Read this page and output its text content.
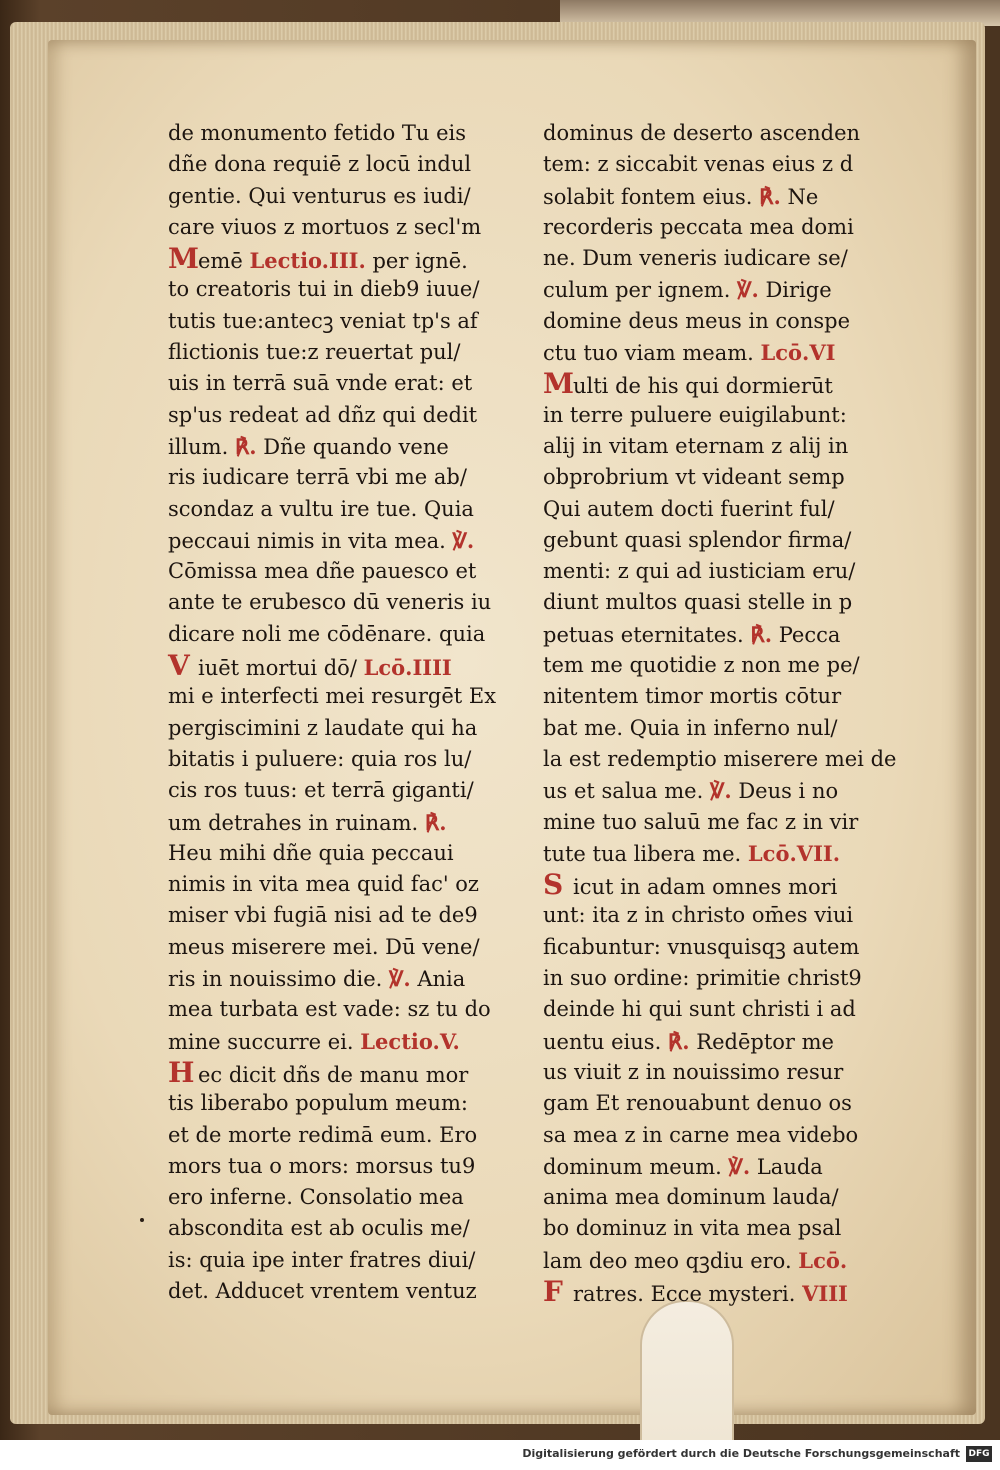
de monumento fetido Tu eis
dñe dona requiē z locū indul
gentie. Qui venturus es iudi/
care viuos z mortuos z secl'm
Memē Lectio.III. per ignē.
to creatoris tui in dieb9 iuue/
tutis tue:antecꝫ veniat tp's af
flictionis tue:z reuertat pul/
uis in terrā suā vnde erat: et
sp'us redeat ad dñz qui dedit
illum. ℟. Dñe quando vene
ris iudicare terrā vbi me ab/
scondaz a vultu ire tue. Quia
peccaui nimis in vita mea. ℣.
Cōmissa mea dñe pauesco et
ante te erubesco dū veneris iu
dicare noli me cōdēnare. quia
V iuēt mortui dō/ Lcō.IIII
mi e interfecti mei resurgēt Ex
pergiscimini z laudate qui ha
bitatis i puluere: quia ros lu/
cis ros tuus: et terrā giganti/
um detrahes in ruinam. ℟.
Heu mihi dñe quia peccaui
nimis in vita mea quid fac' oz
miser vbi fugiā nisi ad te de9
meus miserere mei. Dū vene/
ris in nouissimo die. ℣. Ania
mea turbata est vade: sz tu do
mine succurre ei. Lectio.V.
H ec dicit dñs de manu mor
tis liberabo populum meum:
et de morte redimā eum. Ero
mors tua o mors: morsus tu9
ero inferne. Consolatio mea
abscondita est ab oculis me/
is: quia ipe inter fratres diui/
det. Adducet vrentem ventuz
dominus de deserto ascenden
tem: z siccabit venas eius z d
solabit fontem eius. ℟. Ne
recorderis peccata mea domi
ne. Dum veneris iudicare se/
culum per ignem. ℣. Dirige
domine deus meus in conspe
ctu tuo viam meam. Lcō.VI
Multi de his qui dormierūt
in terre puluere euigilabunt:
alij in vitam eternam z alij in
obprobrium vt videant semp
Qui autem docti fuerint ful/
gebunt quasi splendor firma/
menti: z qui ad iusticiam eru/
diunt multos quasi stelle in p
petuas eternitates. ℟. Pecca
tem me quotidie z non me pe/
nitentem timor mortis cōtur
bat me. Quia in inferno nul/
la est redemptio miserere mei de
us et salua me. ℣. Deus i no
mine tuo saluū me fac z in vir
tute tua libera me. Lcō.VII.
S icut in adam omnes mori
unt: ita z in christo om̄es viui
ficabuntur: vnusquisqꝫ autem
in suo ordine: primitie christ9
deinde hi qui sunt christi i ad
uentu eius. ℟. Redēptor me
us viuit z in nouissimo resur
gam Et renouabunt denuo os
sa mea z in carne mea videbo
dominum meum. ℣. Lauda
anima mea dominum lauda/
bo dominuz in vita mea psal
lam deo meo qꝫdiu ero. Lcō.
F ratres. Ecce mysteri. VIII
Digitalisierung gefördert durch die Deutsche Forschungsgemeinschaft DFG
